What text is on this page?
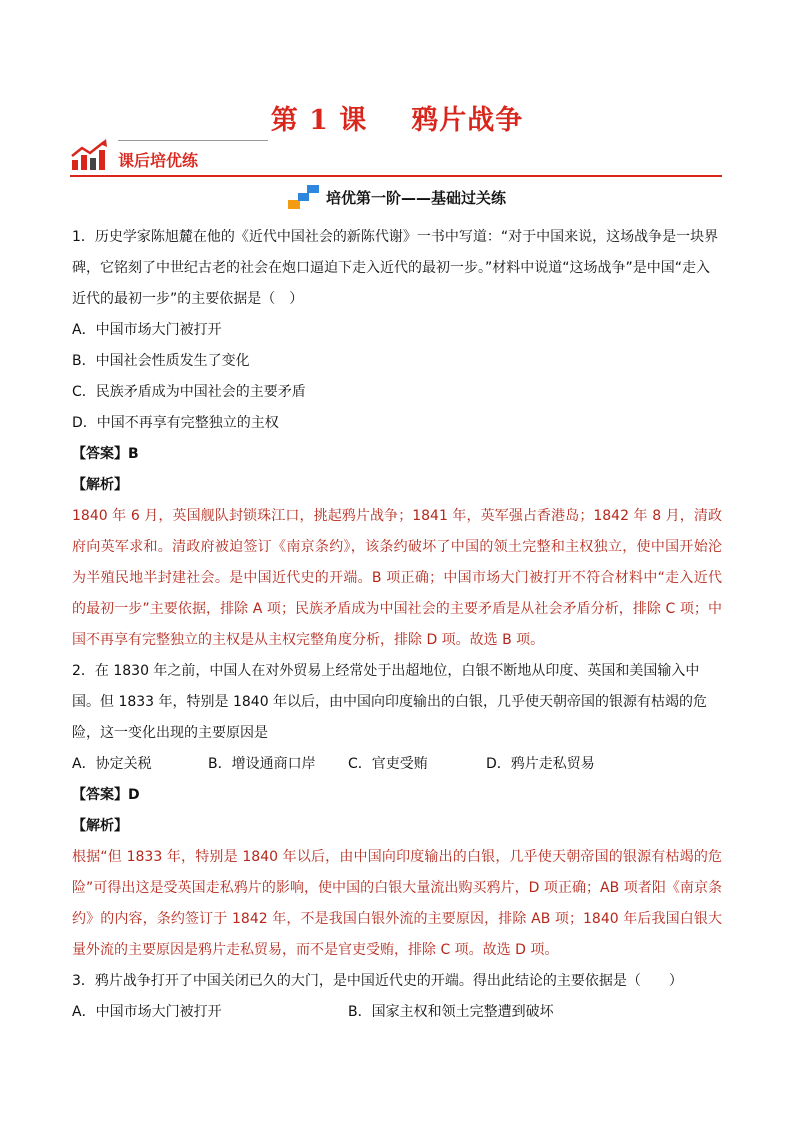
第 1 课 鸦片战争
课后培优练
培优第一阶——基础过关练

1．历史学家陈旭麓在他的《近代中国社会的新陈代谢》一书中写道：“对于中国来说，这场战争是一块界碑，它铭刻了中世纪古老的社会在炮口逼迫下走入近代的最初一步。”材料中说道“这场战争”是中国“走入近代的最初一步”的主要依据是（　）

A．中国市场大门被打开

B．中国社会性质发生了变化

C．民族矛盾成为中国社会的主要矛盾

D．中国不再享有完整独立的主权

【答案】B

【解析】

1840 年 6 月，英国舰队封锁珠江口，挑起鸦片战争；1841 年，英军强占香港岛；1842 年 8 月，清政府向英军求和。清政府被迫签订《南京条约》，该条约破坏了中国的领土完整和主权独立，使中国开始沦为半殖民地半封建社会。是中国近代史的开端。B 项正确；中国市场大门被打开不符合材料中“走入近代的最初一步”主要依据，排除 A 项；民族矛盾成为中国社会的主要矛盾是从社会矛盾分析，排除 C 项；中国不再享有完整独立的主权是从主权完整角度分析，排除 D 项。故选 B 项。

2．在 1830 年之前，中国人在对外贸易上经常处于出超地位，白银不断地从印度、英国和美国输入中国。但 1833 年，特别是 1840 年以后，由中国向印度输出的白银，几乎使天朝帝国的银源有枯竭的危险，这一变化出现的主要原因是

A．协定关税	B．增设通商口岸	C．官吏受贿	D．鸦片走私贸易

【答案】D

【解析】

根据“但 1833 年，特别是 1840 年以后，由中国向印度输出的白银，几乎使天朝帝国的银源有枯竭的危险”可得出这是受英国走私鸦片的影响，使中国的白银大量流出购买鸦片，D 项正确；AB 项者阳《南京条约》的内容，条约签订于 1842 年，不是我国白银外流的主要原因，排除 AB 项；1840 年后我国白银大量外流的主要原因是鸦片走私贸易，而不是官吏受贿，排除 C 项。故选 D 项。

3．鸦片战争打开了中国关闭已久的大门，是中国近代史的开端。得出此结论的主要依据是（　　）

A．中国市场大门被打开	B．国家主权和领土完整遭到破坏
